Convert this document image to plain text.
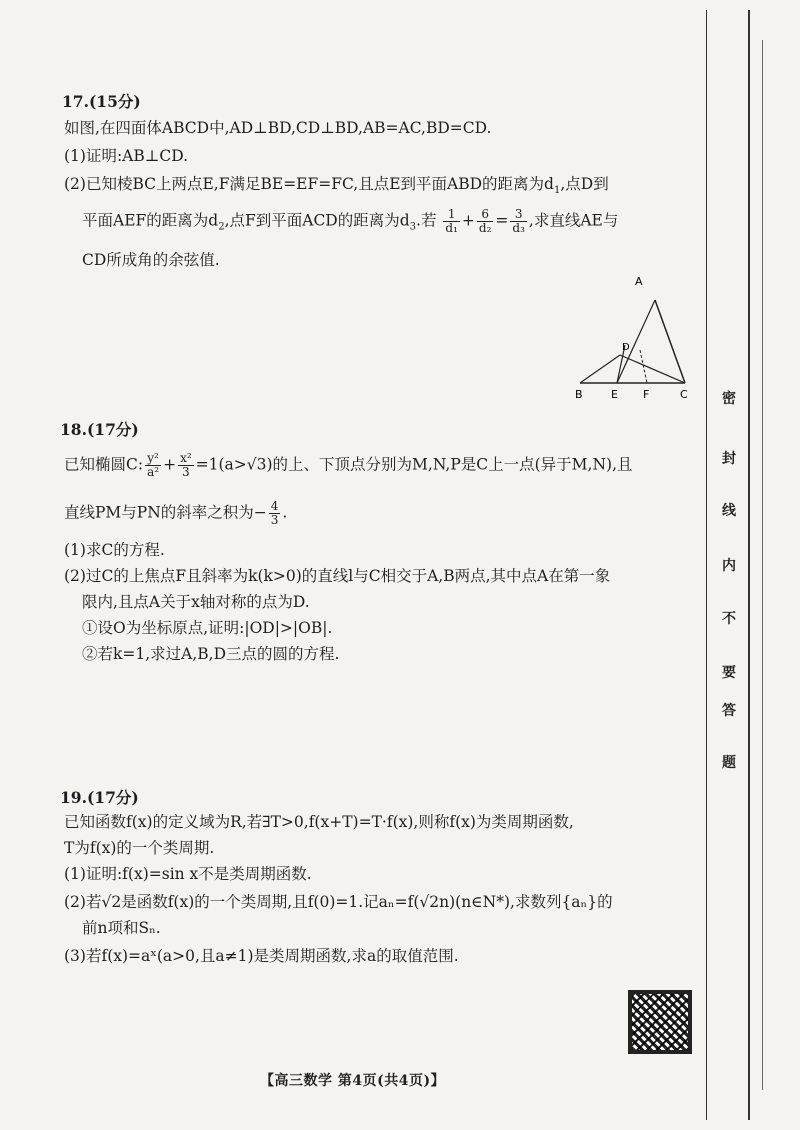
密
封
线
内
不
要
答
题
17.(15分)
如图,在四面体ABCD中,AD⊥BD,CD⊥BD,AB=AC,BD=CD.
(1)证明:AB⊥CD.
(2)已知棱BC上两点E,F满足BE=EF=FC,且点E到平面ABD的距离为$d_1$,点D到
平面AEF的距离为$d_2$,点F到平面ACD的距离为$d_3$.若 $\frac{1}{\text{d₁}} + \frac{6}{\text{d₂}} = \frac{3}{\text{d₃}}$ ,求直线AE与
CD所成角的余弦值.
A
B	E F	C
D
18.(17分)
已知椭圆C: $\frac{\text{y²}}{\text{a²}} + \frac{\text{x²}}{3} =1(a>√3)$的上、下顶点分别为M,N,P是C上一点(异于M,N),且
直线PM与PN的斜率之积为− $\frac{4}{3}$ .
(1)求C的方程.
(2)过C的上焦点F且斜率为k(k>0)的直线l与C相交于A,B两点,其中点A在第一象
限内,且点A关于x轴对称的点为D.
①设O为坐标原点,证明:|OD|>|OB|.
②若k=1,求过A,B,D三点的圆的方程.
19.(17分)
已知函数f(x)的定义域为R,若∃T>0,f(x+T)=T·f(x),则称f(x)为类周期函数,
T为f(x)的一个类周期.
(1)证明:f(x)=sin x不是类周期函数.
(2)若√2是函数f(x)的一个类周期,且f(0)=1.记aₙ=f(√2n)(n∈N*),求数列{aₙ}的
前n项和Sₙ.
(3)若f(x)=aˣ(a>0,且a≠1)是类周期函数,求a的取值范围.
【高三数学 第4页(共4页)】
